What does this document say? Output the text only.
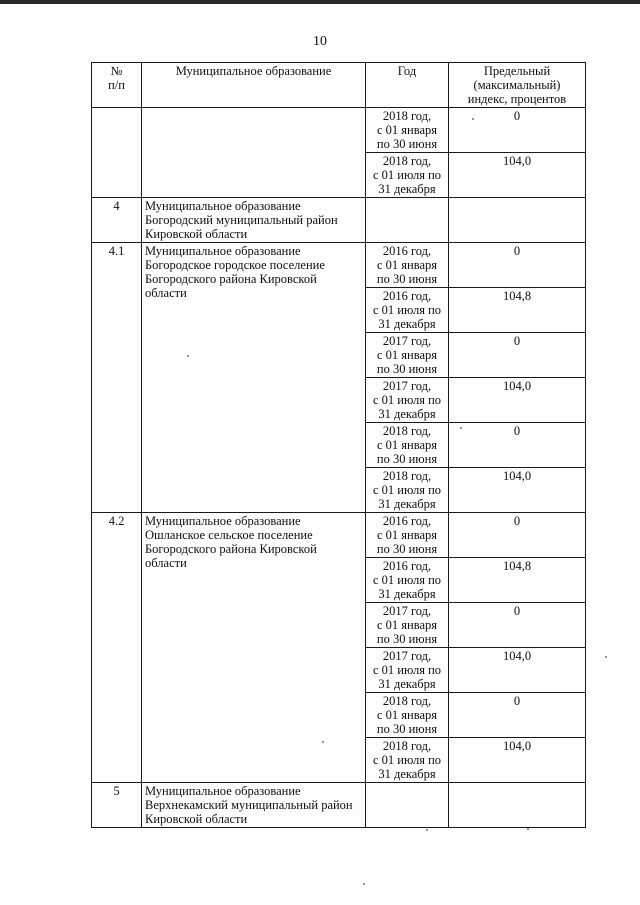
10
№
п/п	Муниципальное образование	Год	Предельный
(максимальный)
индекс, процентов
		2018 год,
с 01 января
по 30 июня	0
		2018 год,
с 01 июля по
31 декабря	104,0
4	Муниципальное образование
Богородский муниципальный район
Кировской области		
4.1	Муниципальное образование
Богородское городское поселение
Богородского района Кировской
области	2016 год,
с 01 января
по 30 июня	0
		2016 год,
с 01 июля по
31 декабря	104,8
		2017 год,
с 01 января
по 30 июня	0
		2017 год,
с 01 июля по
31 декабря	104,0
		2018 год,
с 01 января
по 30 июня	0
		2018 год,
с 01 июля по
31 декабря	104,0
4.2	Муниципальное образование
Ошланское сельское поселение
Богородского района Кировской
области	2016 год,
с 01 января
по 30 июня	0
		2016 год,
с 01 июля по
31 декабря	104,8
		2017 год,
с 01 января
по 30 июня	0
		2017 год,
с 01 июля по
31 декабря	104,0
		2018 год,
с 01 января
по 30 июня	0
		2018 год,
с 01 июля по
31 декабря	104,0
5	Муниципальное образование
Верхнекамский муниципальный район
Кировской области		
